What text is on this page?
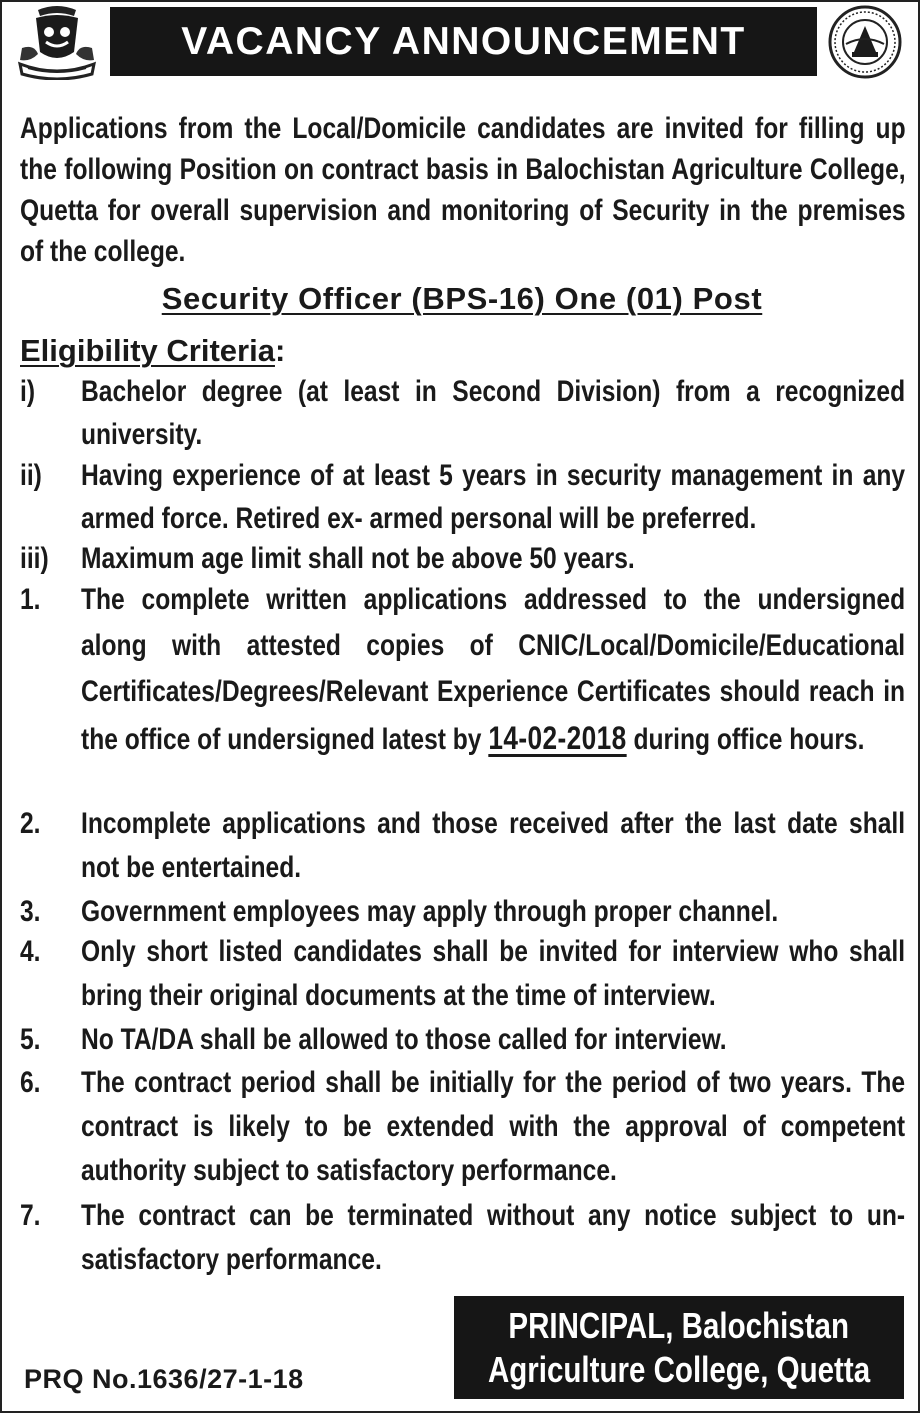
VACANCY ANNOUNCEMENT
Applications from the Local/Domicile candidates are invited for filling up the following Position on contract basis in Balochistan Agriculture College, Quetta for overall supervision and monitoring of Security in the premises of the college.
Security Officer (BPS-16) One (01) Post
Eligibility Criteria:
i) Bachelor degree (at least in Second Division) from a recognized university.
ii) Having experience of at least 5 years in security management in any armed force. Retired ex- armed personal will be preferred.
iii) Maximum age limit shall not be above 50 years.
1. The complete written applications addressed to the undersigned along with attested copies of CNIC/Local/Domicile/Educational Certificates/Degrees/Relevant Experience Certificates should reach in the office of undersigned latest by 14-02-2018 during office hours.
2. Incomplete applications and those received after the last date shall not be entertained.
3. Government employees may apply through proper channel.
4. Only short listed candidates shall be invited for interview who shall bring their original documents at the time of interview.
5. No TA/DA shall be allowed to those called for interview.
6. The contract period shall be initially for the period of two years. The contract is likely to be extended with the approval of competent authority subject to satisfactory performance.
7. The contract can be terminated without any notice subject to un-satisfactory performance.
PRQ No.1636/27-1-18
PRINCIPAL, Balochistan
Agriculture College, Quetta
